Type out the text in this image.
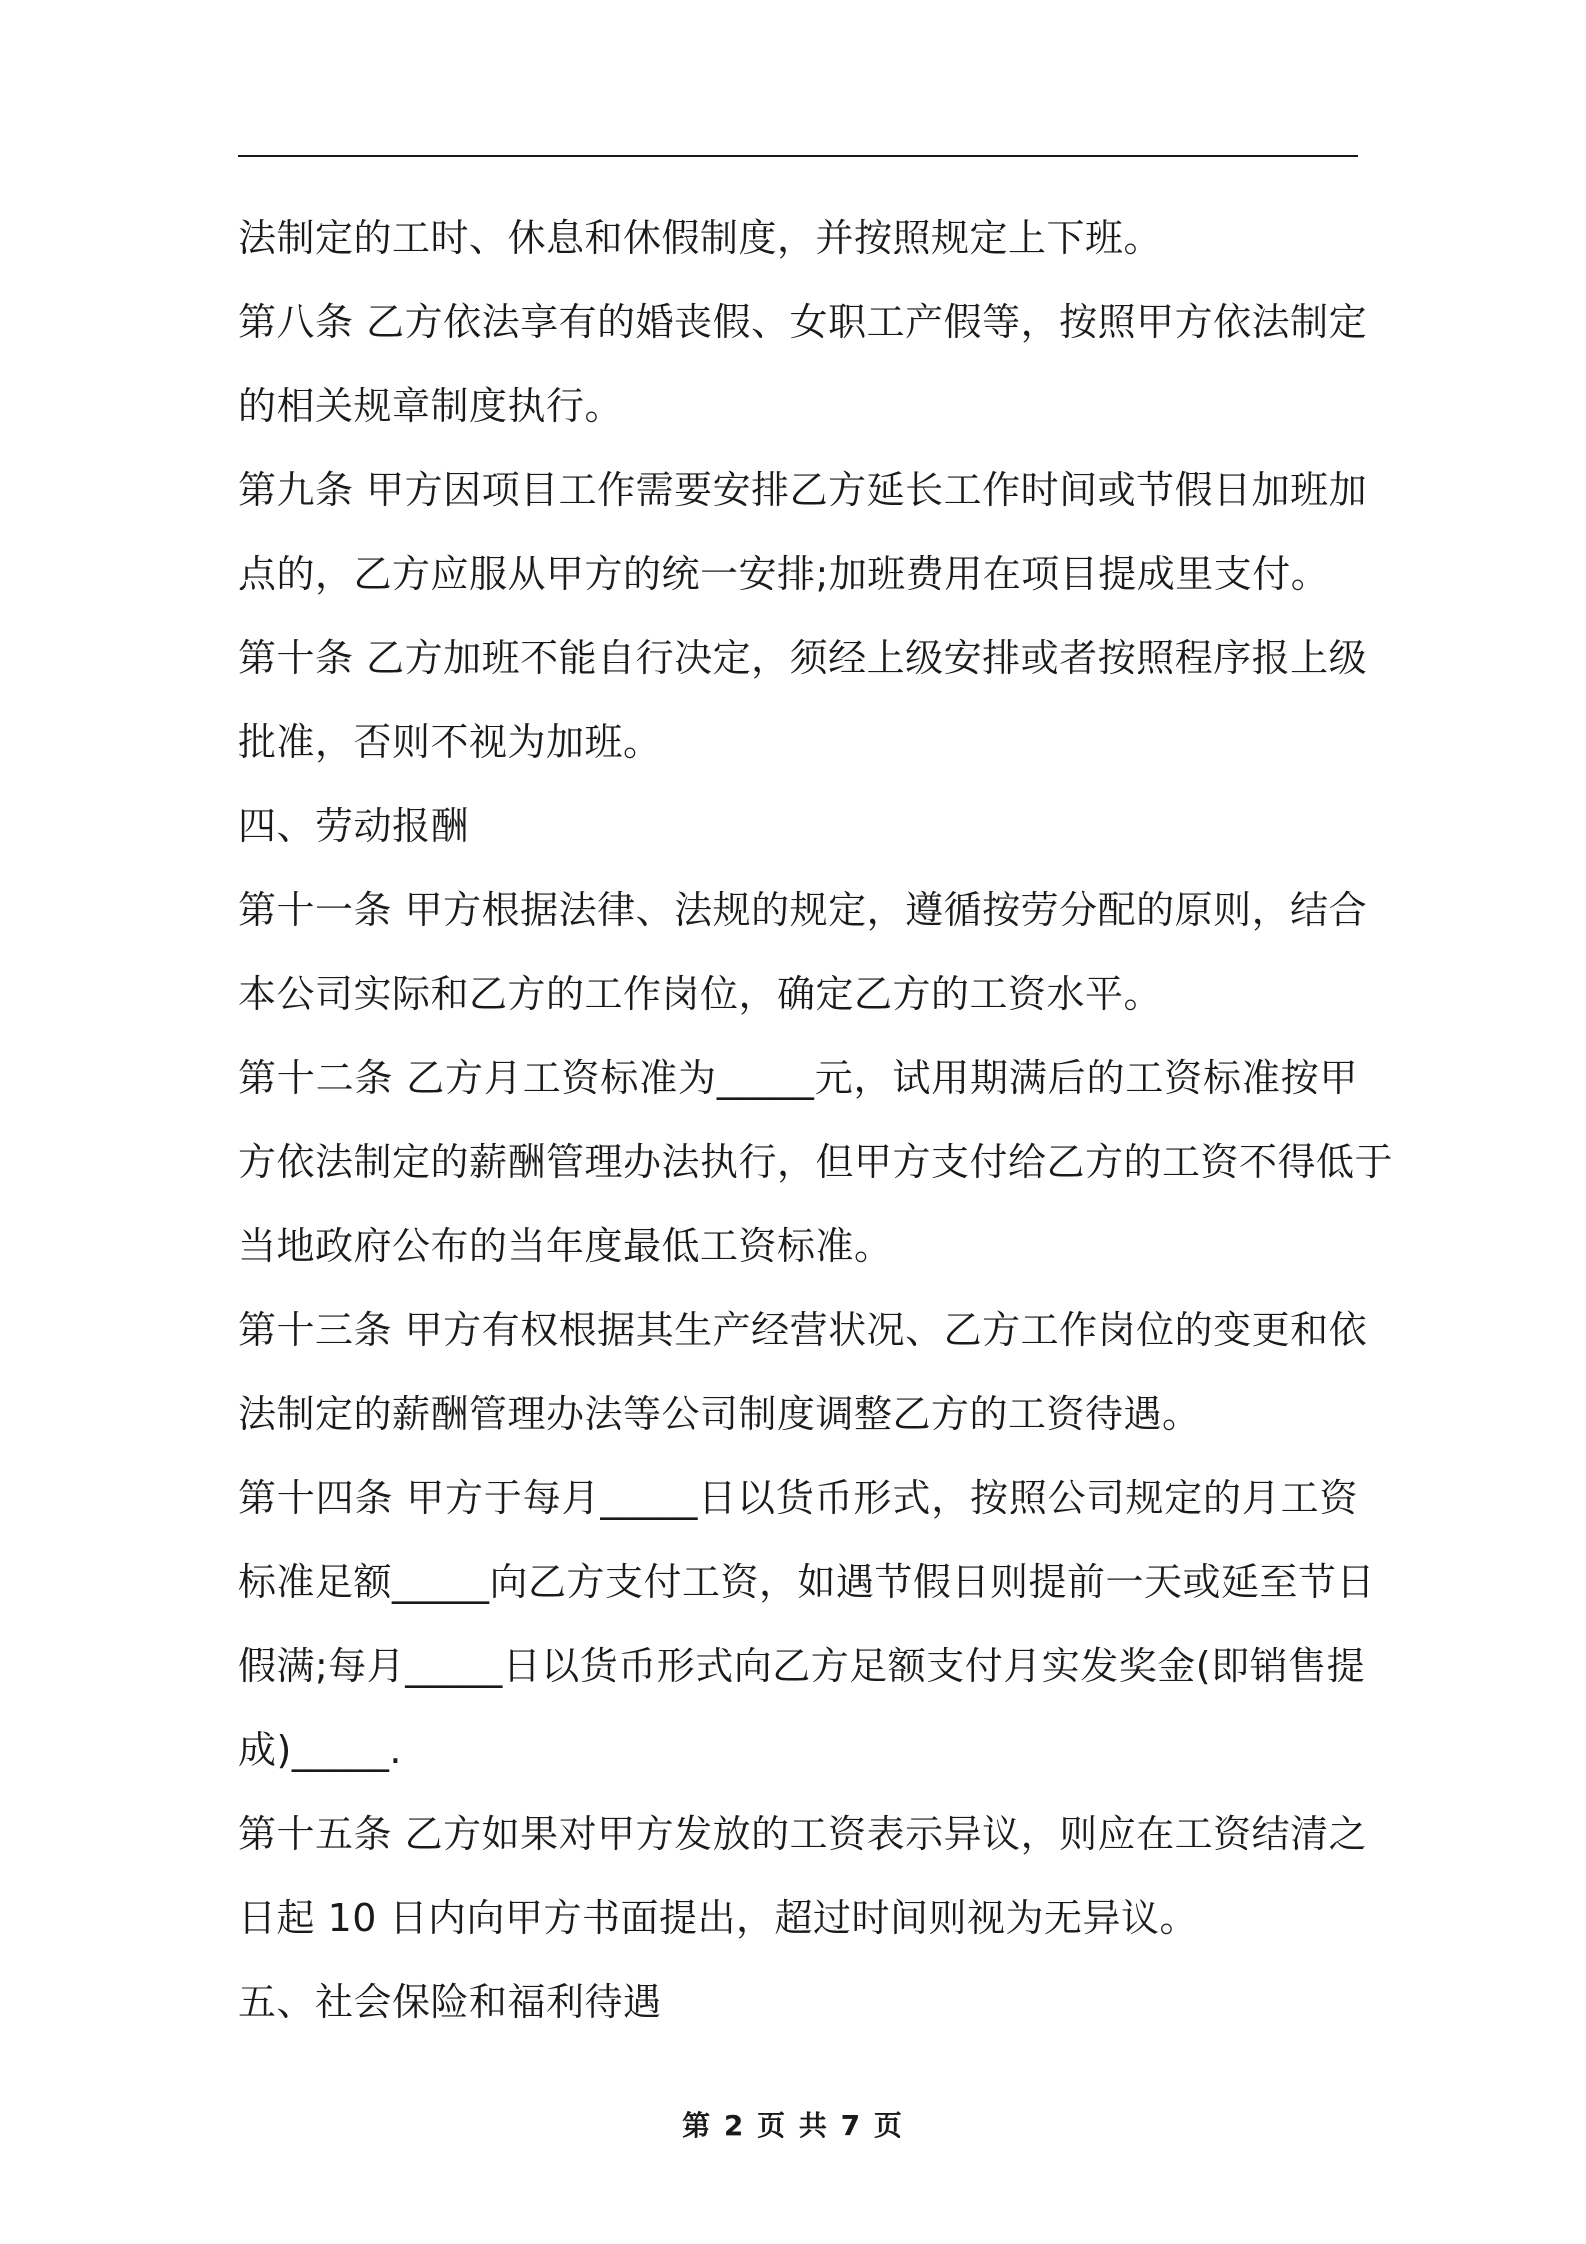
法制定的工时、休息和休假制度，并按照规定上下班。
第八条 乙方依法享有的婚丧假、女职工产假等，按照甲方依法制定
的相关规章制度执行。
第九条 甲方因项目工作需要安排乙方延长工作时间或节假日加班加
点的，乙方应服从甲方的统一安排;加班费用在项目提成里支付。
第十条 乙方加班不能自行决定，须经上级安排或者按照程序报上级
批准，否则不视为加班。
四、劳动报酬
第十一条 甲方根据法律、法规的规定，遵循按劳分配的原则，结合
本公司实际和乙方的工作岗位，确定乙方的工资水平。
第十二条 乙方月工资标准为_____元，试用期满后的工资标准按甲
方依法制定的薪酬管理办法执行，但甲方支付给乙方的工资不得低于
当地政府公布的当年度最低工资标准。
第十三条 甲方有权根据其生产经营状况、乙方工作岗位的变更和依
法制定的薪酬管理办法等公司制度调整乙方的工资待遇。
第十四条 甲方于每月_____日以货币形式，按照公司规定的月工资
标准足额_____向乙方支付工资，如遇节假日则提前一天或延至节日
假满;每月_____日以货币形式向乙方足额支付月实发奖金(即销售提
成)_____.
第十五条 乙方如果对甲方发放的工资表示异议，则应在工资结清之
日起 10 日内向甲方书面提出，超过时间则视为无异议。
五、社会保险和福利待遇
第 2 页 共 7 页
